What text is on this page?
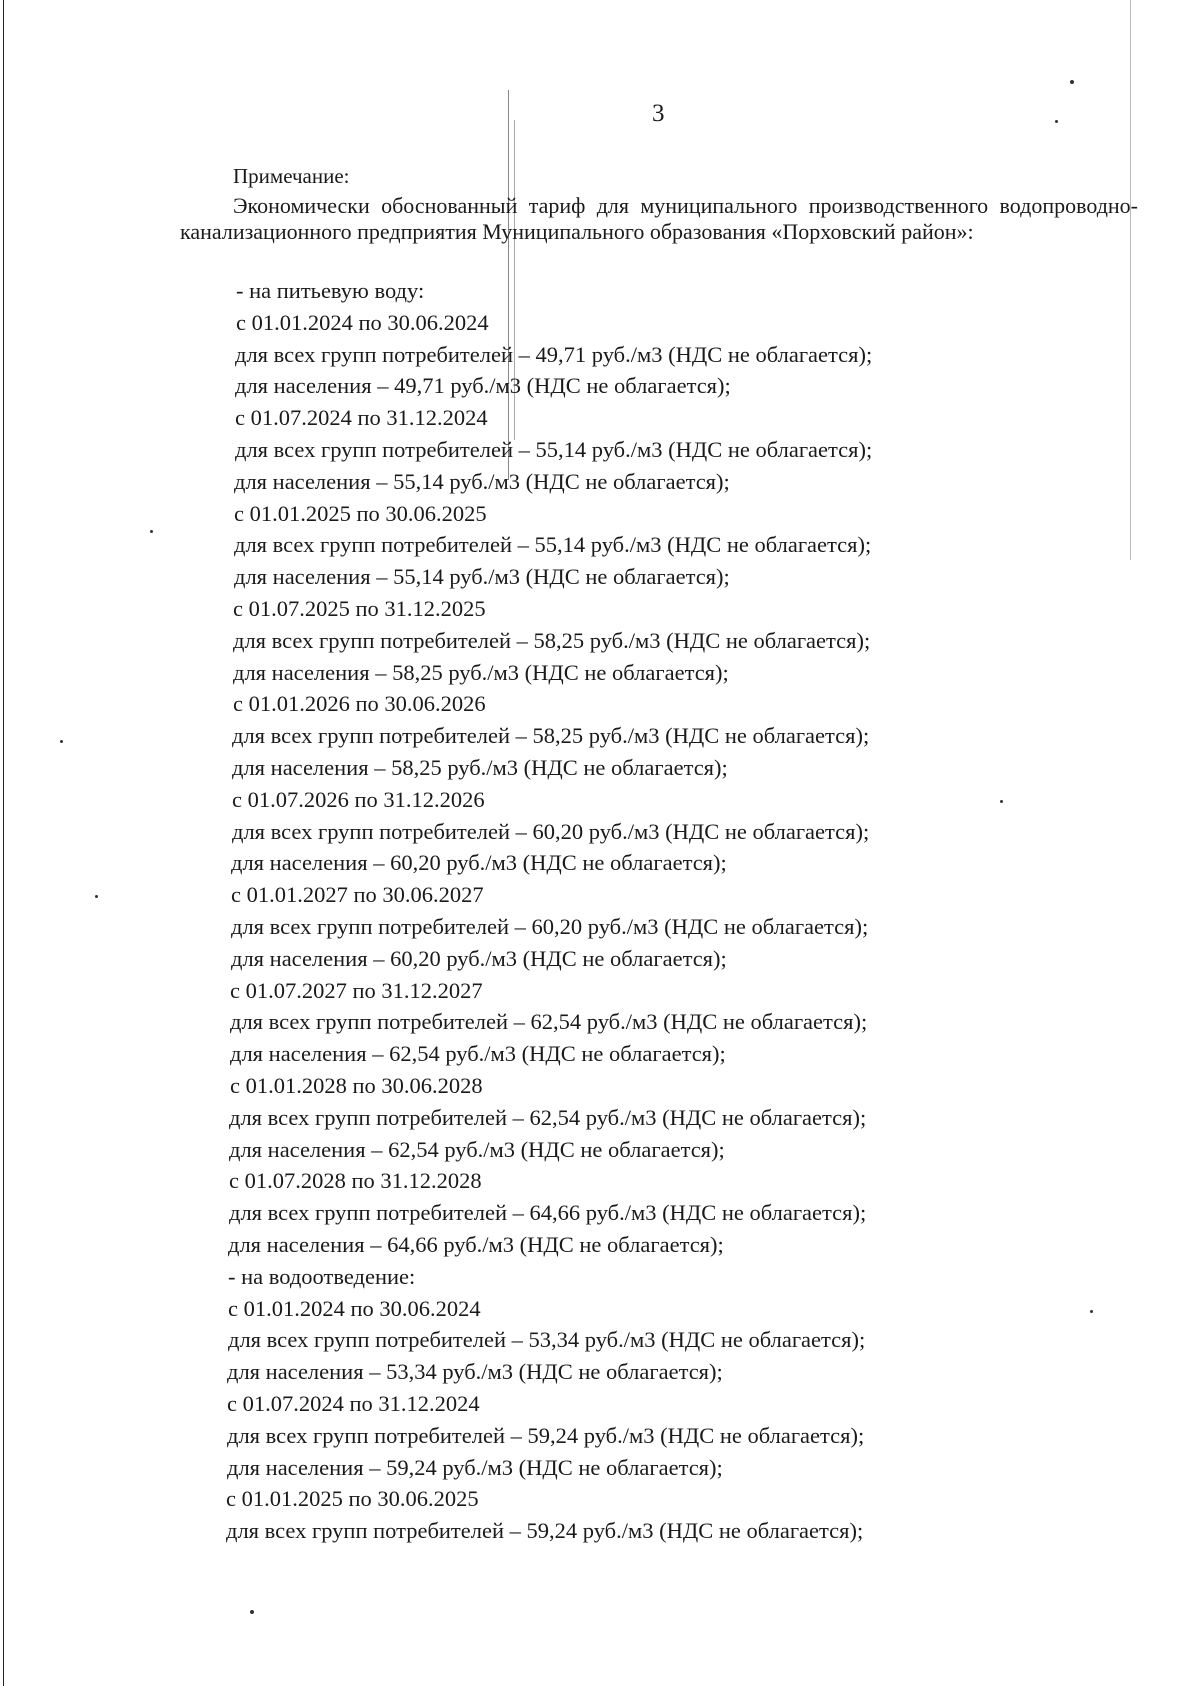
3
Примечание:
Экономически обоснованный тариф для муниципального производственного водопроводно-канализационного предприятия Муниципального образования «Порховский район»:
- на питьевую воду:
с 01.01.2024 по 30.06.2024
для всех групп потребителей – 49,71 руб./м3 (НДС не облагается);
для населения – 49,71 руб./м3 (НДС не облагается);
с 01.07.2024 по 31.12.2024
для всех групп потребителей – 55,14 руб./м3 (НДС не облагается);
для населения – 55,14 руб./м3 (НДС не облагается);
с 01.01.2025 по 30.06.2025
для всех групп потребителей – 55,14 руб./м3 (НДС не облагается);
для населения – 55,14 руб./м3 (НДС не облагается);
с 01.07.2025 по 31.12.2025
для всех групп потребителей – 58,25 руб./м3 (НДС не облагается);
для населения – 58,25 руб./м3 (НДС не облагается);
с 01.01.2026 по 30.06.2026
для всех групп потребителей – 58,25 руб./м3 (НДС не облагается);
для населения – 58,25 руб./м3 (НДС не облагается);
с 01.07.2026 по 31.12.2026
для всех групп потребителей – 60,20 руб./м3 (НДС не облагается);
для населения – 60,20 руб./м3 (НДС не облагается);
с 01.01.2027 по 30.06.2027
для всех групп потребителей – 60,20 руб./м3 (НДС не облагается);
для населения – 60,20 руб./м3 (НДС не облагается);
с 01.07.2027 по 31.12.2027
для всех групп потребителей – 62,54 руб./м3 (НДС не облагается);
для населения – 62,54 руб./м3 (НДС не облагается);
с 01.01.2028 по 30.06.2028
для всех групп потребителей – 62,54 руб./м3 (НДС не облагается);
для населения – 62,54 руб./м3 (НДС не облагается);
с 01.07.2028 по 31.12.2028
для всех групп потребителей – 64,66 руб./м3 (НДС не облагается);
для населения – 64,66 руб./м3 (НДС не облагается);
- на водоотведение:
с 01.01.2024 по 30.06.2024
для всех групп потребителей – 53,34 руб./м3 (НДС не облагается);
для населения – 53,34 руб./м3 (НДС не облагается);
с 01.07.2024 по 31.12.2024
для всех групп потребителей – 59,24 руб./м3 (НДС не облагается);
для населения – 59,24 руб./м3 (НДС не облагается);
с 01.01.2025 по 30.06.2025
для всех групп потребителей – 59,24 руб./м3 (НДС не облагается);
